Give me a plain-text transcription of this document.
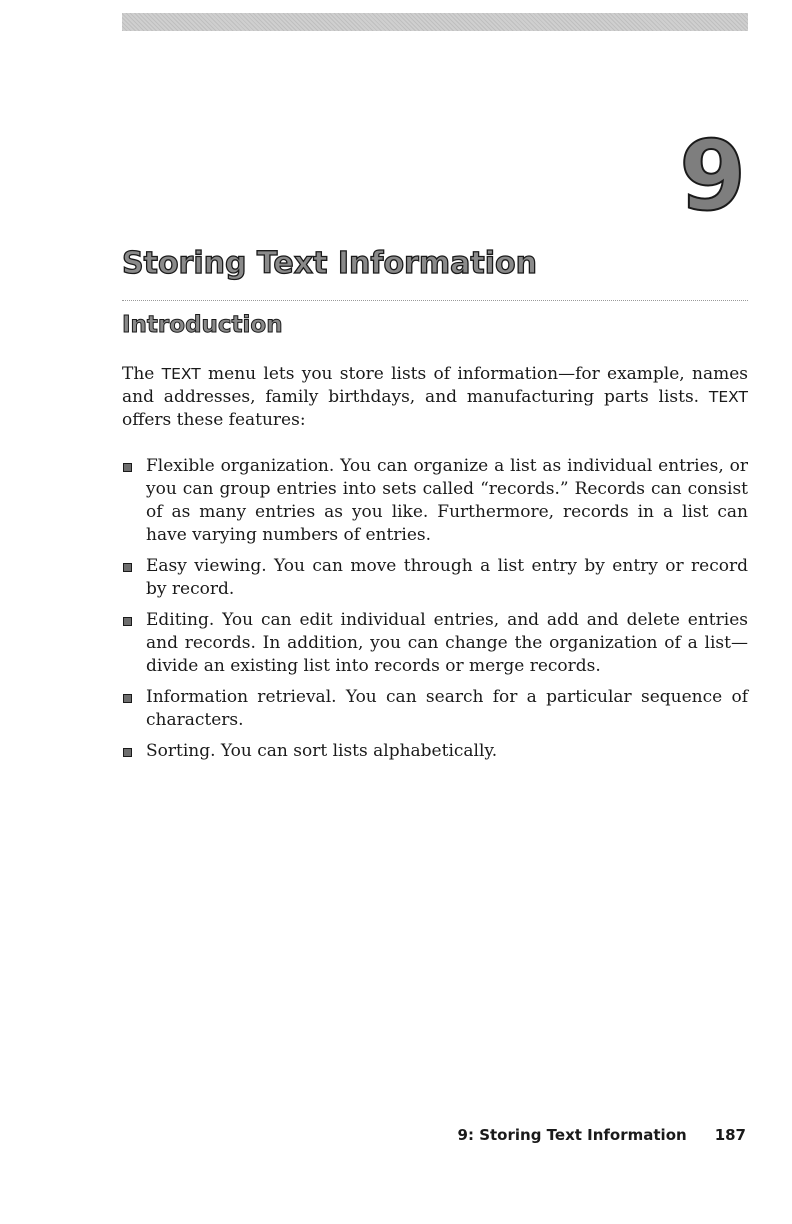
9
Storing Text Information
Introduction

The TEXT menu lets you store lists of information—for example, names and addresses, family birthdays, and manufacturing parts lists. TEXT offers these features:

Flexible organization. You can organize a list as individual entries, or you can group entries into sets called “records.” Records can consist of as many entries as you like. Furthermore, records in a list can have varying numbers of entries.
Easy viewing. You can move through a list entry by entry or record by record.
Editing. You can edit individual entries, and add and delete entries and records. In addition, you can change the organization of a list—divide an existing list into records or merge records.
Information retrieval. You can search for a particular sequence of characters.
Sorting. You can sort lists alphabetically.
9: Storing Text Information 187
